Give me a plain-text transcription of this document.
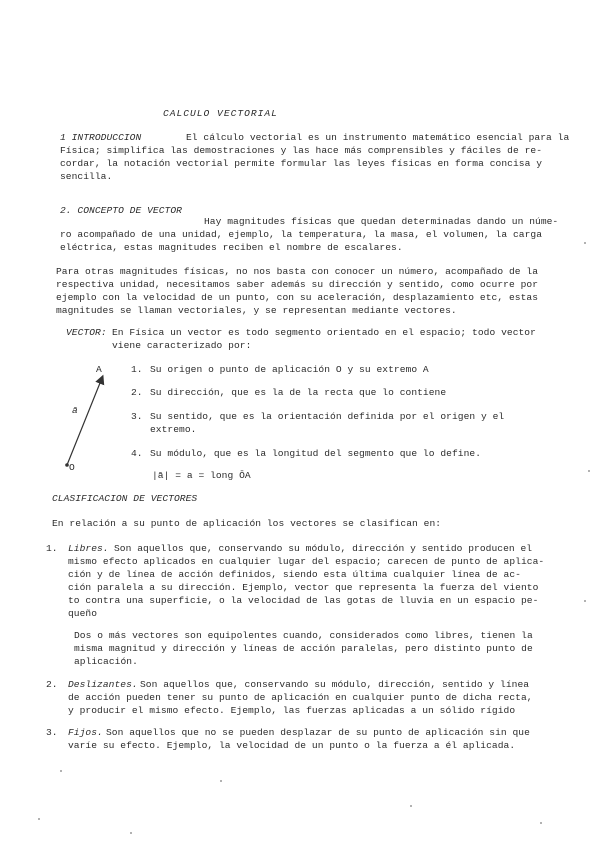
CALCULO VECTORIAL

1 INTRODUCCION	El cálculo vectorial es un instrumento matemático esencial para la

Física; simplifica las demostraciones y las hace más comprensibles y fáciles de re-

cordar, la notación vectorial permite formular las leyes físicas en forma concisa y

sencilla.

2. CONCEPTO DE VECTOR

Hay magnitudes físicas que quedan determinadas dando un núme-

ro acompañado de una unidad, ejemplo, la temperatura, la masa, el volumen, la carga

eléctrica, estas magnitudes reciben el nombre de escalares.

Para otras magnitudes físicas, no nos basta con conocer un número, acompañado de la

respectiva unidad, necesitamos saber además su dirección y sentido, como ocurre por

ejemplo con la velocidad de un punto, con su aceleración, desplazamiento etc, estas

magnitudes se llaman vectoriales, y se representan mediante vectores.

VECTOR: En Física un vector es todo segmento orientado en el espacio; todo vector

viene caracterizado por:

A

ā

O

1. Su origen o punto de aplicación O y su extremo A

2. Su dirección, que es la de la recta que lo contiene

3. Su sentido, que es la orientación definida por el origen y el

extremo.

4. Su módulo, que es la longitud del segmento que lo define.

|ā| = a = long ŌA

CLASIFICACION DE VECTORES

En relación a su punto de aplicación los vectores se clasifican en:

1. Libres. Son aquellos que, conservando su módulo, dirección y sentido producen el

mismo efecto aplicados en cualquier lugar del espacio; carecen de punto de aplica-

ción y de línea de acción definidos, siendo esta última cualquier línea de ac-

ción paralela a su dirección. Ejemplo, vector que representa la fuerza del viento

to contra una superficie, o la velocidad de las gotas de lluvia en un espacio pe-

queño

Dos o más vectores son equipolentes cuando, considerados como libres, tienen la

misma magnitud y dirección y líneas de acción paralelas, pero distinto punto de

aplicación.

2. Deslizantes. Son aquellos que, conservando su módulo, dirección, sentido y línea

de acción pueden tener su punto de aplicación en cualquier punto de dicha recta,

y producir el mismo efecto. Ejemplo, las fuerzas aplicadas a un sólido rígido

3. Fijos. Son aquellos que no se pueden desplazar de su punto de aplicación sin que

varíe su efecto. Ejemplo, la velocidad de un punto o la fuerza a él aplicada.
